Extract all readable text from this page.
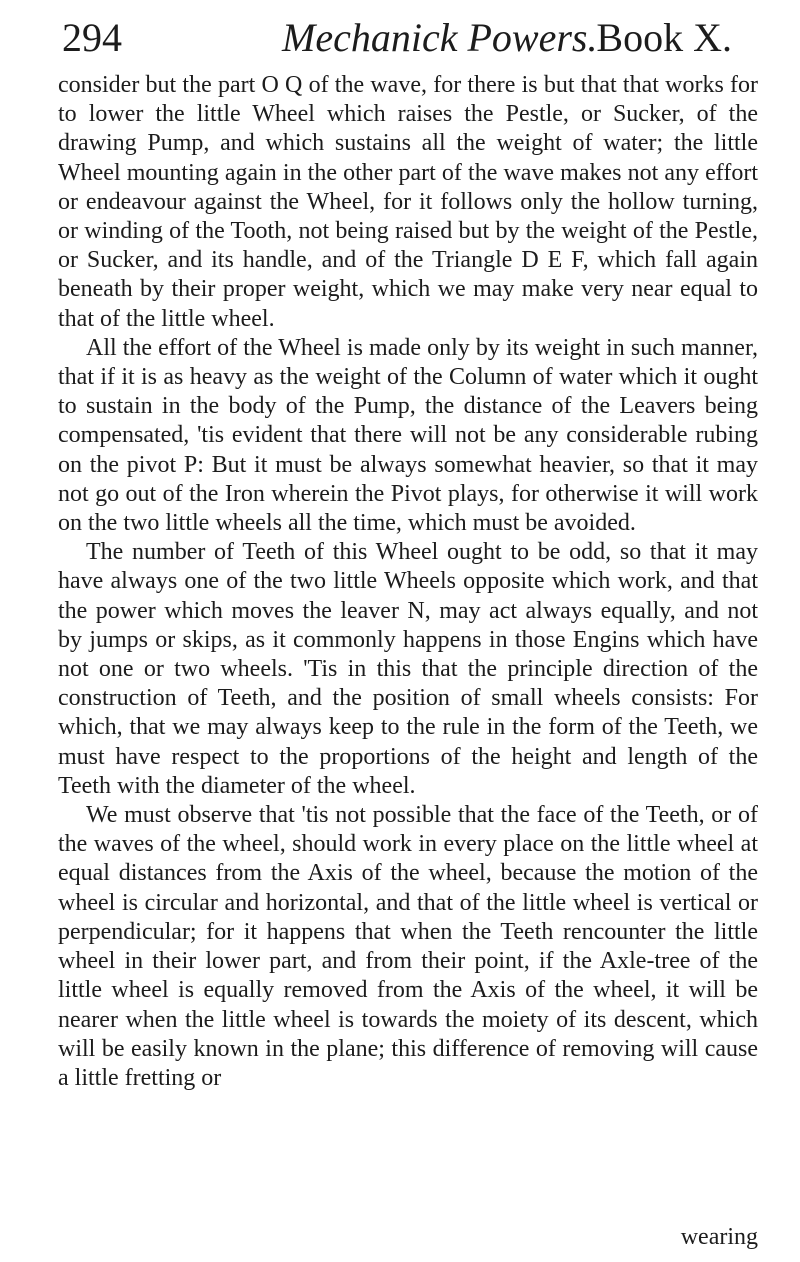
294	Mechanick Powers.
Book X.

consider but the part O Q of the wave, for there is but that that works for to lower the little Wheel which raises the Pestle, or Sucker, of the drawing Pump, and which sustains all the weight of water; the little Wheel mounting again in the other part of the wave makes not any effort or endeavour against the Wheel, for it follows only the hollow turning, or winding of the Tooth, not being raised but by the weight of the Pestle, or Sucker, and its handle, and of the Triangle D E F, which fall again beneath by their proper weight, which we may make very near equal to that of the little wheel.

All the effort of the Wheel is made only by its weight in such manner, that if it is as heavy as the weight of the Column of water which it ought to sustain in the body of the Pump, the distance of the Leavers being compensated, 'tis evident that there will not be any considerable rubing on the pivot P: But it must be always somewhat heavier, so that it may not go out of the Iron wherein the Pivot plays, for otherwise it will work on the two little wheels all the time, which must be avoided.

The number of Teeth of this Wheel ought to be odd, so that it may have always one of the two little Wheels opposite which work, and that the power which moves the leaver N, may act always equally, and not by jumps or skips, as it commonly happens in those Engins which have not one or two wheels. 'Tis in this that the principle direction of the construction of Teeth, and the position of small wheels consists: For which, that we may always keep to the rule in the form of the Teeth, we must have respect to the proportions of the height and length of the Teeth with the diameter of the wheel.

We must observe that 'tis not possible that the face of the Teeth, or of the waves of the wheel, should work in every place on the little wheel at equal distances from the Axis of the wheel, because the motion of the wheel is circular and horizontal, and that of the little wheel is vertical or perpendicular; for it happens that when the Teeth rencounter the little wheel in their lower part, and from their point, if the Axle-tree of the little wheel is equally removed from the Axis of the wheel, it will be nearer when the little wheel is towards the moiety of its descent, which will be easily known in the plane; this difference of removing will cause a little fretting or

wearing
